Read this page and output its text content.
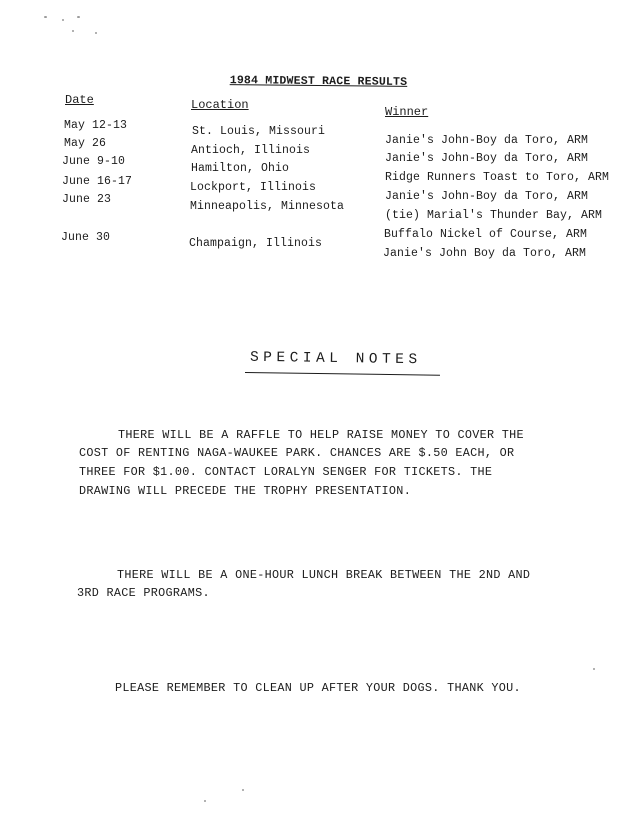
1984 MIDWEST RACE RESULTS
Date	Location	Winner
May 12-13
May 26
June 9-10
June 16-17
June 23
June 30
St. Louis, Missouri
Antioch, Illinois
Hamilton, Ohio
Lockport, Illinois
Minneapolis, Minnesota
Champaign, Illinois
Janie's John-Boy da Toro, ARM
Janie's John-Boy da Toro, ARM
Ridge Runners Toast to Toro, ARM
Janie's John-Boy da Toro, ARM
(tie) Marial's Thunder Bay, ARM
Buffalo Nickel of Course, ARM
Janie's John Boy da Toro, ARM
SPECIAL NOTES
THERE WILL BE A RAFFLE TO HELP RAISE MONEY TO COVER THE
COST OF RENTING NAGA-WAUKEE PARK. CHANCES ARE $.50 EACH, OR
THREE FOR $1.00. CONTACT LORALYN SENGER FOR TICKETS. THE
DRAWING WILL PRECEDE THE TROPHY PRESENTATION.
THERE WILL BE A ONE-HOUR LUNCH BREAK BETWEEN THE 2ND AND
3RD RACE PROGRAMS.
PLEASE REMEMBER TO CLEAN UP AFTER YOUR DOGS. THANK YOU.
